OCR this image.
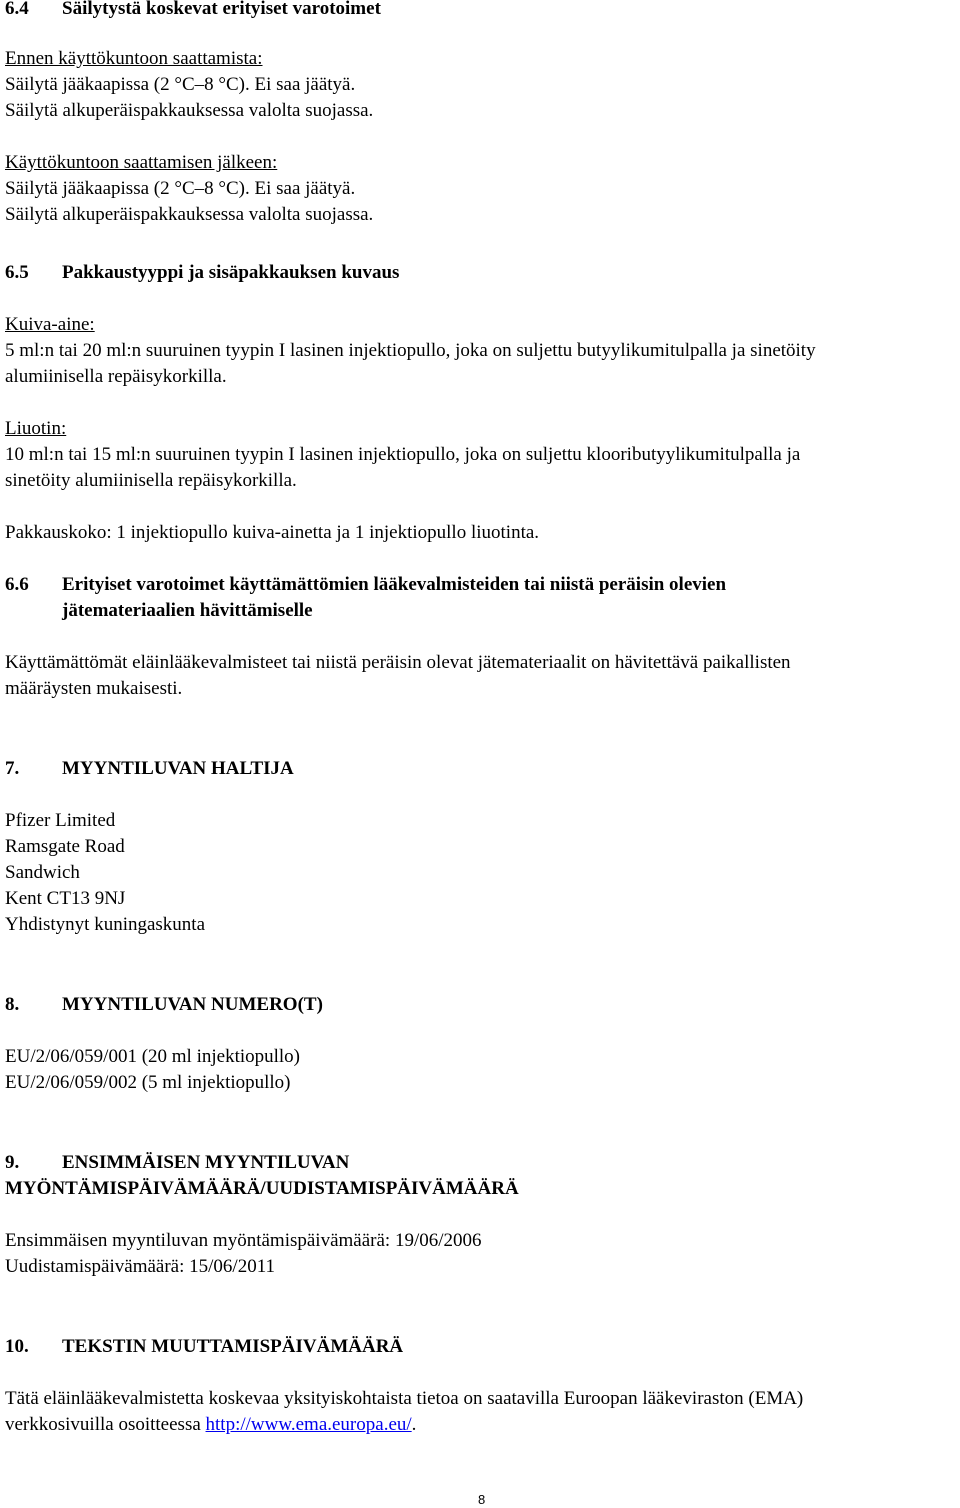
6.4 Säilytystä koskevat erityiset varotoimet
Ennen käyttökuntoon saattamista:
Säilytä jääkaapissa (2 °C–8 °C). Ei saa jäätyä.
Säilytä alkuperäispakkauksessa valolta suojassa.
Käyttökuntoon saattamisen jälkeen:
Säilytä jääkaapissa (2 °C–8 °C). Ei saa jäätyä.
Säilytä alkuperäispakkauksessa valolta suojassa.
6.5 Pakkaustyyppi ja sisäpakkauksen kuvaus
Kuiva-aine:
5 ml:n tai 20 ml:n suuruinen tyypin I lasinen injektiopullo, joka on suljettu butyylikumitulpalla ja sinetöity
alumiinisella repäisykorkilla.
Liuotin:
10 ml:n tai 15 ml:n suuruinen tyypin I lasinen injektiopullo, joka on suljettu klooributyylikumitulpalla ja
sinetöity alumiinisella repäisykorkilla.
Pakkauskoko: 1 injektiopullo kuiva-ainetta ja 1 injektiopullo liuotinta.
6.6 Erityiset varotoimet käyttämättömien lääkevalmisteiden tai niistä peräisin olevien
jätemateriaalien hävittämiselle
Käyttämättömät eläinlääkevalmisteet tai niistä peräisin olevat jätemateriaalit on hävitettävä paikallisten
määräysten mukaisesti.
7. MYYNTILUVAN HALTIJA
Pfizer Limited
Ramsgate Road
Sandwich
Kent CT13 9NJ
Yhdistynyt kuningaskunta
8. MYYNTILUVAN NUMERO(T)
EU/2/06/059/001 (20 ml injektiopullo)
EU/2/06/059/002 (5 ml injektiopullo)
9. ENSIMMÄISEN MYYNTILUVAN
MYÖNTÄMISPÄIVÄMÄÄRÄ/UUDISTAMISPÄIVÄMÄÄRÄ
Ensimmäisen myyntiluvan myöntämispäivämäärä: 19/06/2006
Uudistamispäivämäärä: 15/06/2011
10. TEKSTIN MUUTTAMISPÄIVÄMÄÄRÄ
Tätä eläinlääkevalmistetta koskevaa yksityiskohtaista tietoa on saatavilla Euroopan lääkeviraston (EMA)
verkkosivuilla osoitteessa http://www.ema.europa.eu/.
8
